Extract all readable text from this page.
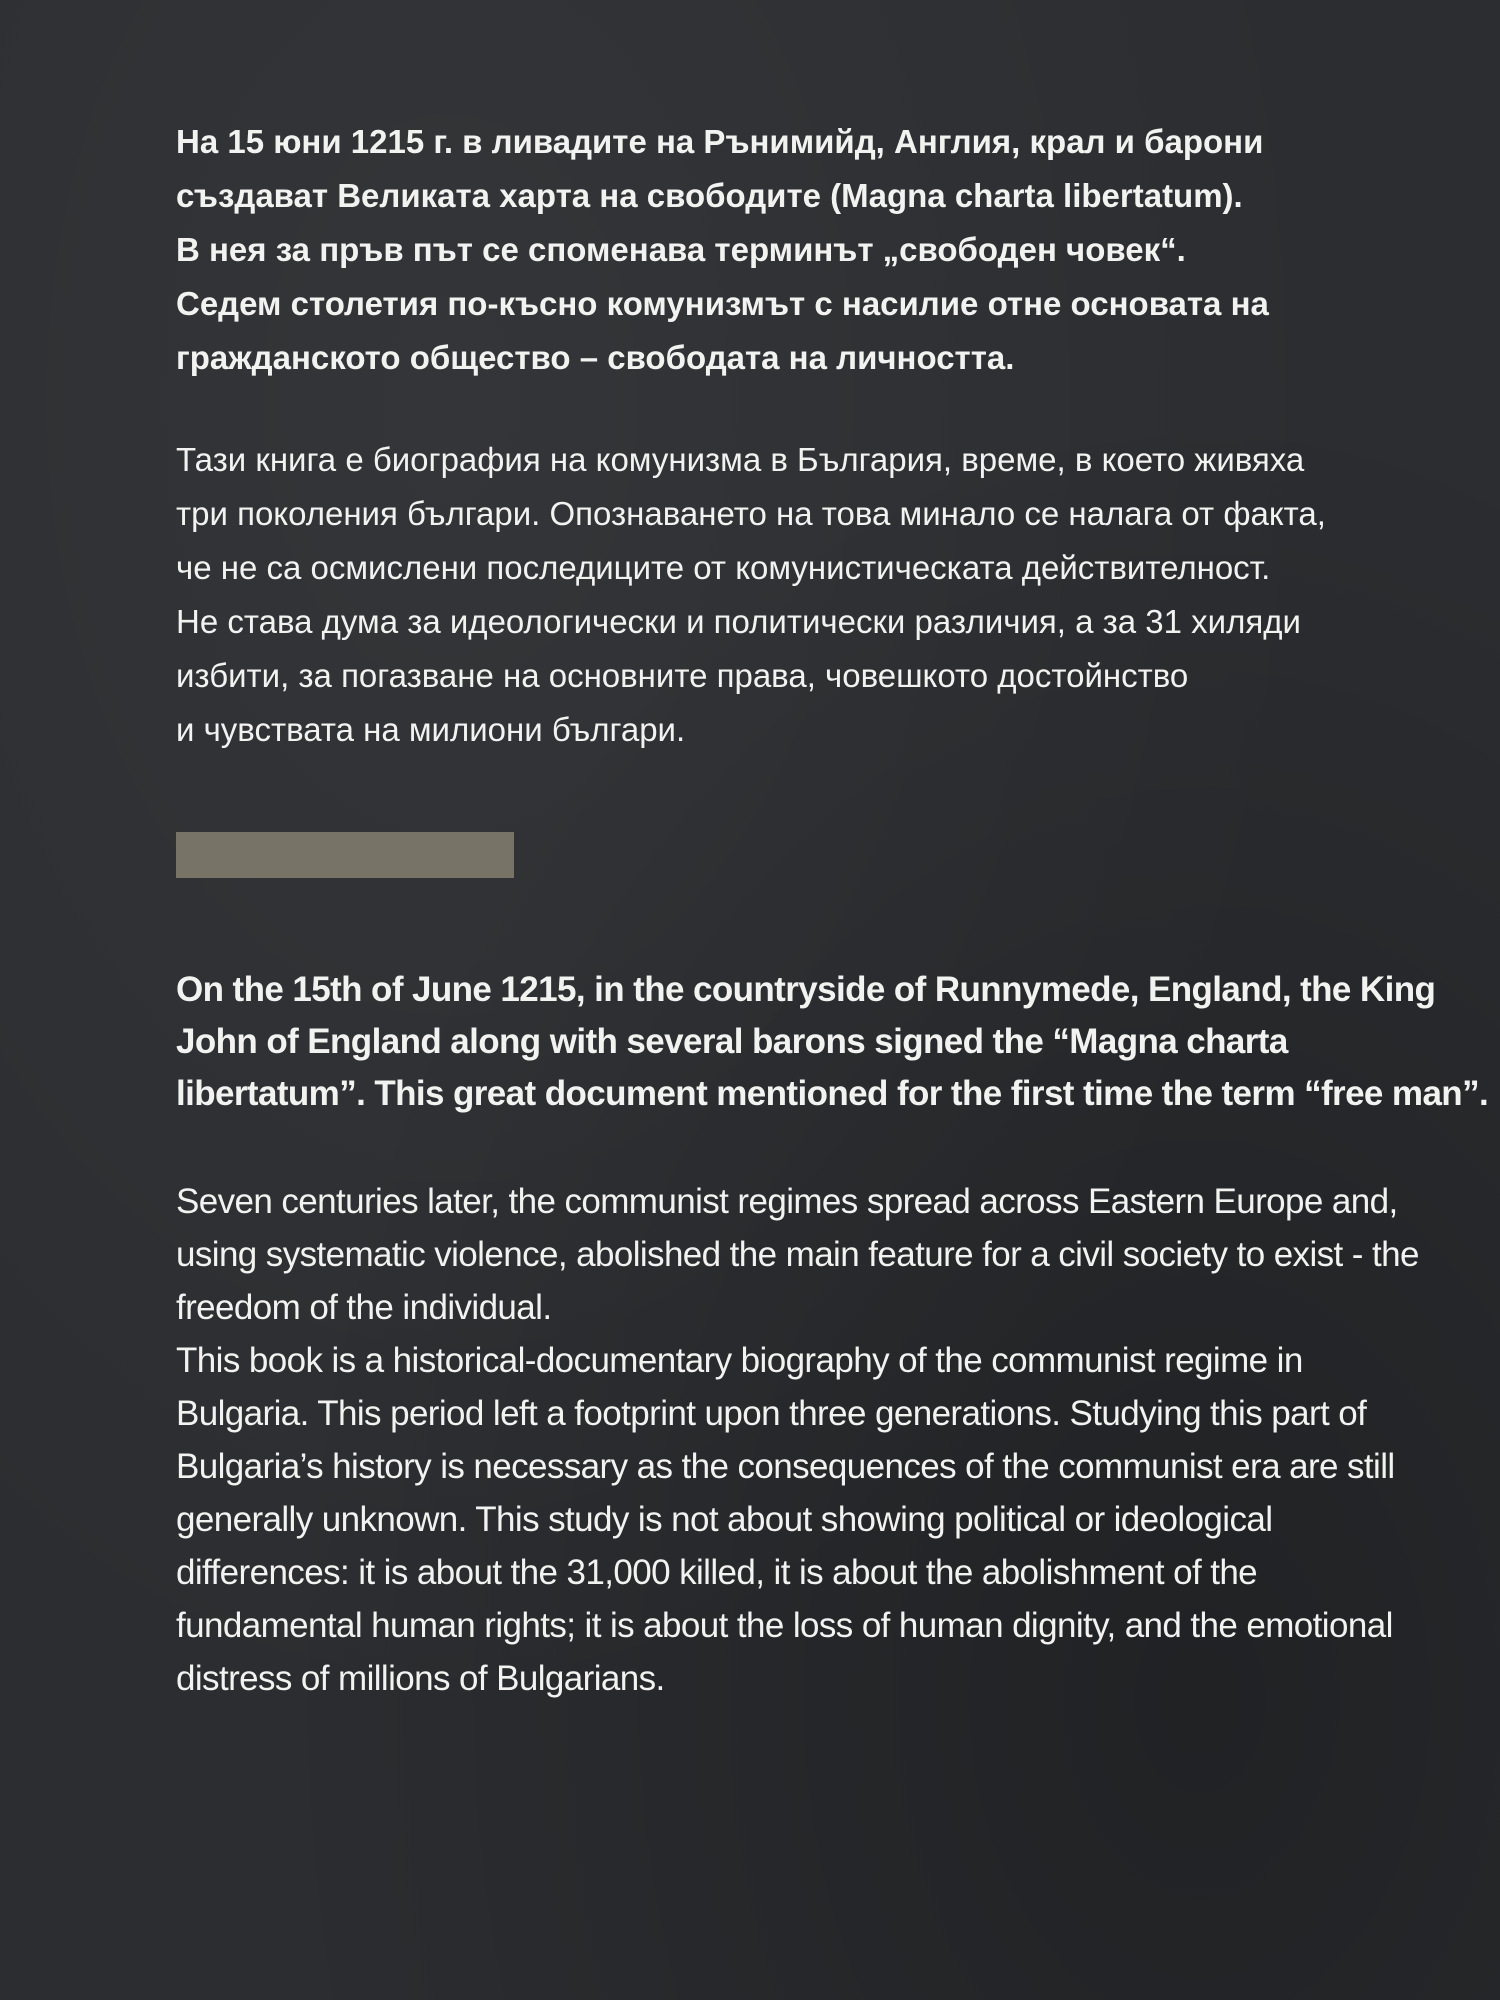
На 15 юни 1215 г. в ливадите на Рънимийд, Англия, крал и барони
създават Великата харта на свободите (Magna charta libertatum).
В нея за пръв път се споменава терминът „свободен човек“.
Седем столетия по-късно комунизмът с насилие отне основата на
гражданското общество – свободата на личността.
Тази книга е биография на комунизма в България, време, в което живяха
три поколения българи. Опознаването на това минало се налага от факта,
че не са осмислени последиците от комунистическата действителност.
Не става дума за идеологически и политически различия, а за 31 хиляди
избити, за погазване на основните права, човешкото достойнство
и чувствата на милиони българи.
On the 15th of June 1215, in the countryside of Runnymede, England, the King
John of England along with several barons signed the “Magna charta
libertatum”. This great document mentioned for the first time the term “free man”.
Seven centuries later, the communist regimes spread across Eastern Europe and,
using systematic violence, abolished the main feature for a civil society to exist - the
freedom of the individual.
This book is a historical-documentary biography of the communist regime in
Bulgaria. This period left a footprint upon three generations. Studying this part of
Bulgaria’s history is necessary as the consequences of the communist era are still
generally unknown. This study is not about showing political or ideological
differences: it is about the 31,000 killed, it is about the abolishment of the
fundamental human rights; it is about the loss of human dignity, and the emotional
distress of millions of Bulgarians.
